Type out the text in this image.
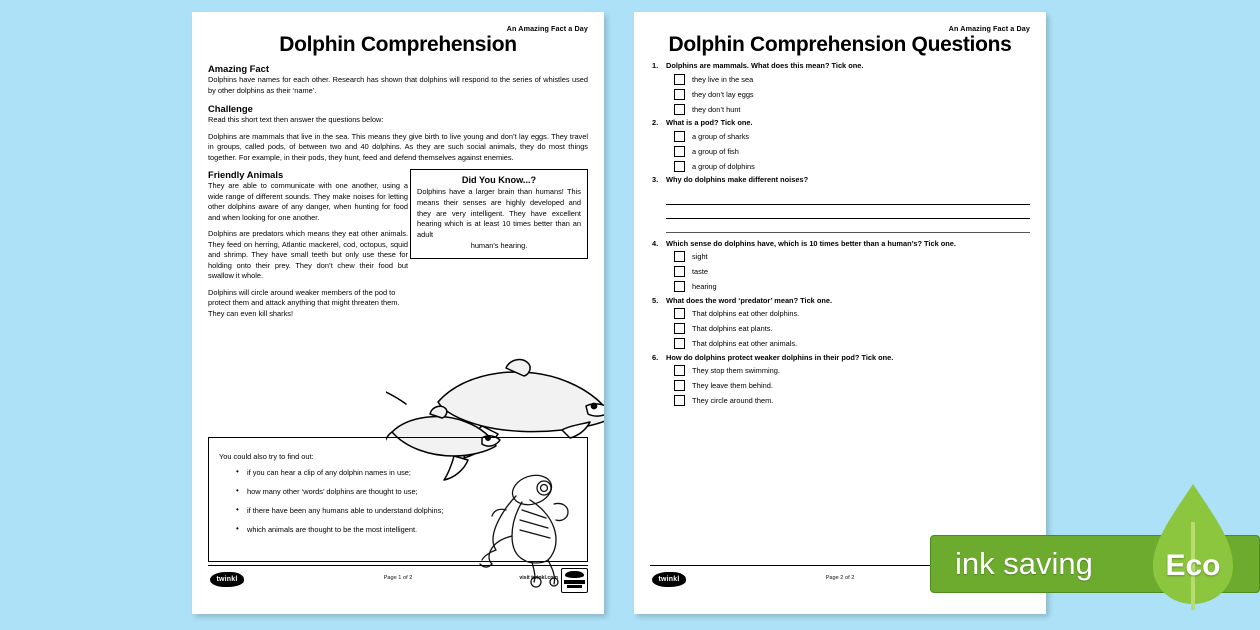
An Amazing Fact a Day
Dolphin Comprehension
Amazing Fact

Dolphins have names for each other. Research has shown that dolphins will respond to the series of whistles used by other dolphins as their ‘name’.

Challenge

Read this short text then answer the questions below:

Dolphins are mammals that live in the sea. This means they give birth to live young and don’t lay eggs. They travel in groups, called pods, of between two and 40 dolphins. As they are such social animals, they do most things together. For example, in their pods, they hunt, feed and defend themselves against enemies.

Friendly Animals

They are able to communicate with one another, using a wide range of different sounds. They make noises for letting other dolphins aware of any danger, when hunting for food and when looking for one another.

Dolphins are predators which means they eat other animals. They feed on herring, Atlantic mackerel, cod, octopus, squid and shrimp. They have small teeth but only use these for holding onto their prey. They don’t chew their food but swallow it whole.

Dolphins will circle around weaker members of the pod to protect them and attack anything that might threaten them. They can even kill sharks!

Did You Know...?

Dolphins have a larger brain than humans! This means their senses are highly developed and they are very intelligent. They have excellent hearing which is at least 10 times better than an adult

human’s hearing.

You could also try to find out:

• if you can hear a clip of any dolphin names in use;
• how many other ‘words’ dolphins are thought to use;
• if there have been any humans able to understand dolphins;
• which animals are thought to be the most intelligent.
twinkl	Page 1 of 2	visit twinkl.com
An Amazing Fact a Day
Dolphin Comprehension Questions
1. Dolphins are mammals. What does this mean? Tick one.
they live in the sea
they don’t lay eggs
they don’t hunt
2. What is a pod? Tick one.
a group of sharks
a group of fish
a group of dolphins
3. Why do dolphins make different noises?
4. Which sense do dolphins have, which is 10 times better than a human’s? Tick one.
sight
taste
hearing
5. What does the word ‘predator’ mean? Tick one.
That dolphins eat other dolphins.
That dolphins eat plants.
That dolphins eat other animals.
6. How do dolphins protect weaker dolphins in their pod? Tick one.
They stop them swimming.
They leave them behind.
They circle around them.
twinkl	Page 2 of 2	ink saving	Eco
